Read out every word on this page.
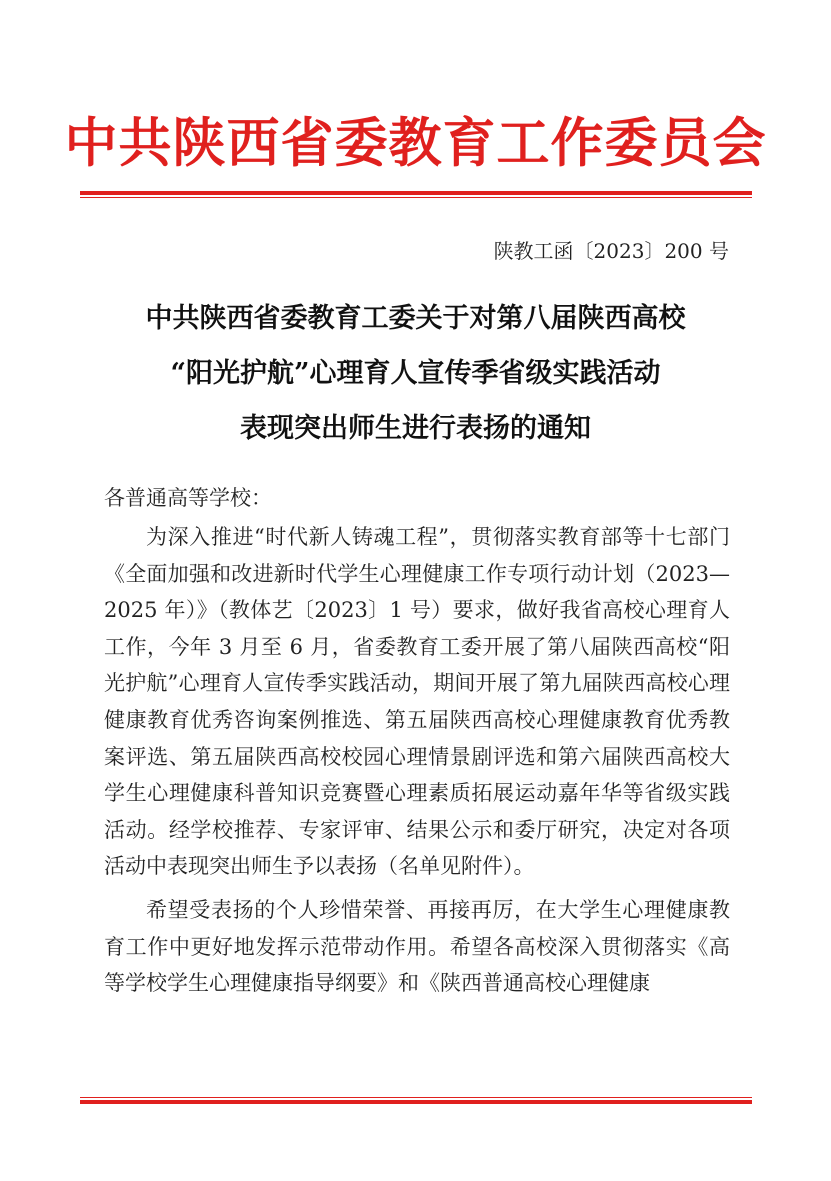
中共陕西省委教育工作委员会
陕教工函〔2023〕200 号
中共陕西省委教育工委关于对第八届陕西高校
“阳光护航”心理育人宣传季省级实践活动
表现突出师生进行表扬的通知
各普通高等学校：

为深入推进“时代新人铸魂工程”，贯彻落实教育部等十七部门《全面加强和改进新时代学生心理健康工作专项行动计划（2023—2025 年）》（教体艺〔2023〕1 号）要求，做好我省高校心理育人工作，今年 3 月至 6 月，省委教育工委开展了第八届陕西高校“阳光护航”心理育人宣传季实践活动，期间开展了第九届陕西高校心理健康教育优秀咨询案例推选、第五届陕西高校心理健康教育优秀教案评选、第五届陕西高校校园心理情景剧评选和第六届陕西高校大学生心理健康科普知识竞赛暨心理素质拓展运动嘉年华等省级实践活动。经学校推荐、专家评审、结果公示和委厅研究，决定对各项活动中表现突出师生予以表扬（名单见附件）。

希望受表扬的个人珍惜荣誉、再接再厉，在大学生心理健康教育工作中更好地发挥示范带动作用。希望各高校深入贯彻落实《高等学校学生心理健康指导纲要》和《陕西普通高校心理健康
